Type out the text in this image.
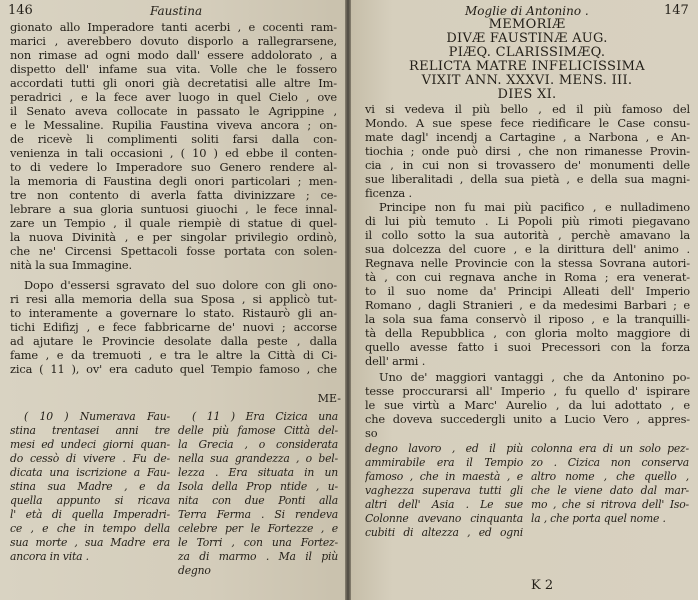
146	Faustina
gionato allo Imperadore tanti acerbi , e cocenti ram-
marici , averebbero dovuto disporlo a rallegrarsene,
non rimase ad ogni modo dall' essere addolorato , a
dispetto dell' infame sua vita. Volle che le fossero
accordati tutti gli onori già decretatisi alle altre Im-
peradrici , e la fece aver luogo in quel Cielo , ove
il Senato aveva collocate in passato le Agrippine ,
e le Messaline. Rupilia Faustina viveva ancora ; on-
de ricevè li complimenti soliti farsi dalla con-
venienza in tali occasioni , ( 10 ) ed ebbe il conten-
to di vedere lo Imperadore suo Genero rendere al-
la memoria di Faustina degli onori particolari ; men-
tre non contento di averla fatta divinizzare ; ce-
lebrare a sua gloria suntuosi giuochi , le fece innal-
zare un Tempio , il quale riempiè di statue di quel-
la nuova Divinità , e per singolar privilegio ordinò,
che ne' Circensi Spettacoli fosse portata con solen-
nità la sua Immagine.
Dopo d'essersi sgravato del suo dolore con gli ono-
ri resi alla memoria della sua Sposa , si applicò tut-
to interamente a governare lo stato. Ristaurò gli an-
tichi Edifizj , e fece fabbricarne de' nuovi ; accorse
ad ajutare le Provincie desolate dalla peste , dalla
fame , e da tremuoti , e tra le altre la Città di Ci-
zica ( 11 ), ov' era caduto quel Tempio famoso , che
ME-
( 10 ) Numerava Fau-
stina trentasei anni tre
mesi ed undeci giorni quan-
do cessò di vivere . Fu de-
dicata una iscrizione a Fau-
stina sua Madre , e da
quella appunto si ricava
l' età di quella Imperadri-
ce , e che in tempo della
sua morte , sua Madre era
ancora in vita .
( 11 ) Era Cizica una
delle più famose Città del-
la Grecia , o considerata
nella sua grandezza , o bel-
lezza . Era situata in un
Isola della Prop ntide , u-
nita con due Ponti alla
Terra Ferma . Si rendeva
celebre per le Fortezze , e
le Torri , con una Fortez-
za di marmo . Ma il più
degno
Moglie di Antonino .	147
MEMORIÆ
DIVÆ FAUSTINÆ AUG.
PIÆQ. CLARISSIMÆQ.
RELICTA MATRE INFELICISSIMA
VIXIT ANN. XXXVI. MENS. III.
DIES XI.
vi si vedeva il più bello , ed il più famoso del
Mondo. A sue spese fece riedificare le Case consu-
mate dagl' incendj a Cartagine , a Narbona , e An-
tiochia ; onde può dirsi , che non rimanesse Provin-
cia , in cui non si trovassero de' monumenti delle
sue liberalitadi , della sua pietà , e della sua magni-
ficenza .
Principe non fu mai più pacifico , e nulladimeno
di lui più temuto . Li Popoli più rimoti piegavano
il collo sotto la sua autorità , perchè amavano la
sua dolcezza del cuore , e la dirittura dell' animo .
Regnava nelle Provincie con la stessa Sovrana autori-
tà , con cui regnava anche in Roma ; era venerat-
to il suo nome da' Principi Alleati dell' Imperio
Romano , dagli Stranieri , e da medesimi Barbari ; e
la sola sua fama conservò il riposo , e la tranquilli-
tà della Repubblica , con gloria molto maggiore di
quello avesse fatto i suoi Precessori con la forza
dell' armi .
Uno de' maggiori vantaggi , che da Antonino po-
tesse proccurarsi all' Imperio , fu quello d' ispirare
le sue virtù a Marc' Aurelio , da lui adottato , e
che doveva succedergli unito a Lucio Vero , appres-
so
degno lavoro , ed il più
ammirabile era il Tempio
famoso , che in maestà , e
vaghezza superava tutti gli
altri dell' Asia . Le sue
Colonne avevano cinquanta
cubiti di altezza , ed ogni
colonna era di un solo pez-
zo . Cizica non conserva
altro nome , che quello ,
che le viene dato dal mar-
mo , che si ritrova dell' Iso-
la , che porta quel nome .
K 2
